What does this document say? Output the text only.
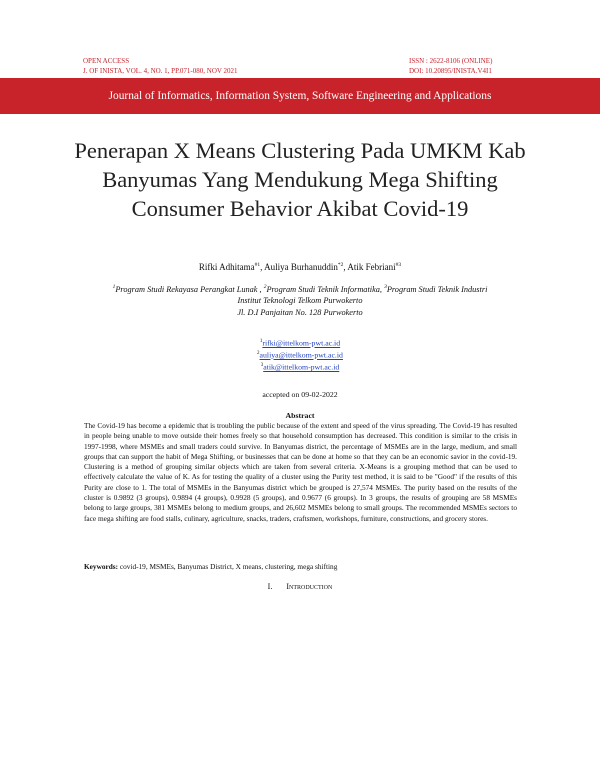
OPEN ACCESS
J. OF INISTA, VOL. 4, NO. 1, PP.071-080, NOV 2021
ISSN : 2622-8106 (ONLINE)
DOI: 10.20895/INISTA.V4I1
Journal of Informatics, Information System, Software Engineering and Applications
Penerapan X Means Clustering Pada UMKM Kab Banyumas Yang Mendukung Mega Shifting Consumer Behavior Akibat Covid-19
Rifki Adhitama$^{\#1}$, Auliya Burhanuddin$^{*2}$, Atik Febriani$^{\#3}$
$^1$Program Studi Rekayasa Perangkat Lunak , $^2$Program Studi Teknik Informatika, $^3$Program Studi Teknik Industri
Institut Teknologi Telkom Purwokerto
Jl. D.I Panjaitan No. 128 Purwokerto
$^1$rifki@ittelkom-pwt.ac.id
$^2$auliya@ittelkom-pwt.ac.id
$^3$atik@ittelkom-pwt.ac.id
accepted on 09-02-2022
Abstract
The Covid-19 has become a epidemic that is troubling the public because of the extent and speed of the virus spreading. The Covid-19 has resulted in people being unable to move outside their homes freely so that household consumption has decreased. This condition is similar to the crisis in 1997-1998, where MSMEs and small traders could survive. In Banyumas district, the percentage of MSMEs are in the large, medium, and small groups that can support the habit of Mega Shifting, or businesses that can be done at home so that they can be an economic savior in the covid-19. Clustering is a method of grouping similar objects which are taken from several criteria. X-Means is a grouping method that can be used to effectively calculate the value of K. As for testing the quality of a cluster using the Purity test method, it is said to be "Good" if the results of this Purity are close to 1. The total of MSMEs in the Banyumas district which be grouped is 27,574 MSMEs. The purity based on the results of the cluster is 0.9892 (3 groups), 0.9894 (4 groups), 0.9928 (5 groups), and 0.9677 (6 groups). In 3 groups, the results of grouping are 58 MSMEs belong to large groups, 381 MSMEs belong to medium groups, and 26,602 MSMEs belong to small groups. The recommended MSMEs sectors to face mega shifting are food stalls, culinary, agriculture, snacks, traders, craftsmen, workshops, furniture, constructions, and grocery stores.
Keywords: covid-19, MSMEs, Banyumas District, X means, clustering, mega shifting
I. Introduction
